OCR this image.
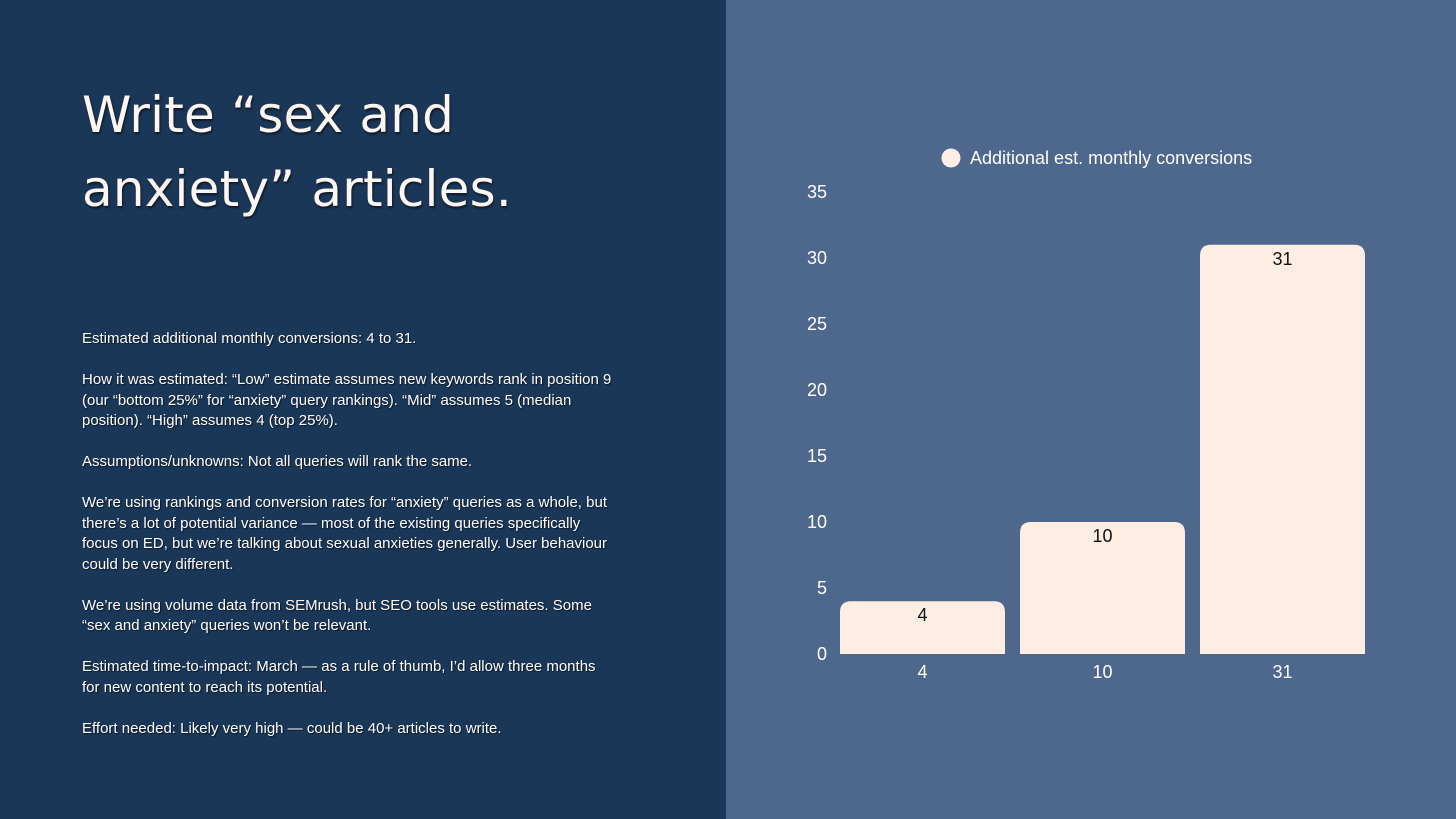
Write “sex and anxiety” articles.

Estimated additional monthly conversions: 4 to 31.

How it was estimated: “Low” estimate assumes new keywords rank in position 9 (our “bottom 25%” for “anxiety” query rankings). “Mid” assumes 5 (median position). “High” assumes 4 (top 25%).

Assumptions/unknowns: Not all queries will rank the same.

We’re using rankings and conversion rates for “anxiety” queries as a whole, but there’s a lot of potential variance — most of the existing queries specifically focus on ED, but we’re talking about sexual anxieties generally. User behaviour could be very different.

We’re using volume data from SEMrush, but SEO tools use estimates. Some “sex and anxiety” queries won’t be relevant.

Estimated time-to-impact: March — as a rule of thumb, I’d allow three months for new content to reach its potential.

Effort needed: Likely very high — could be 40+ articles to write.

Additional est. monthly conversions
0
5
10
15
20
25
30
35
4
4
10
10
31
31
